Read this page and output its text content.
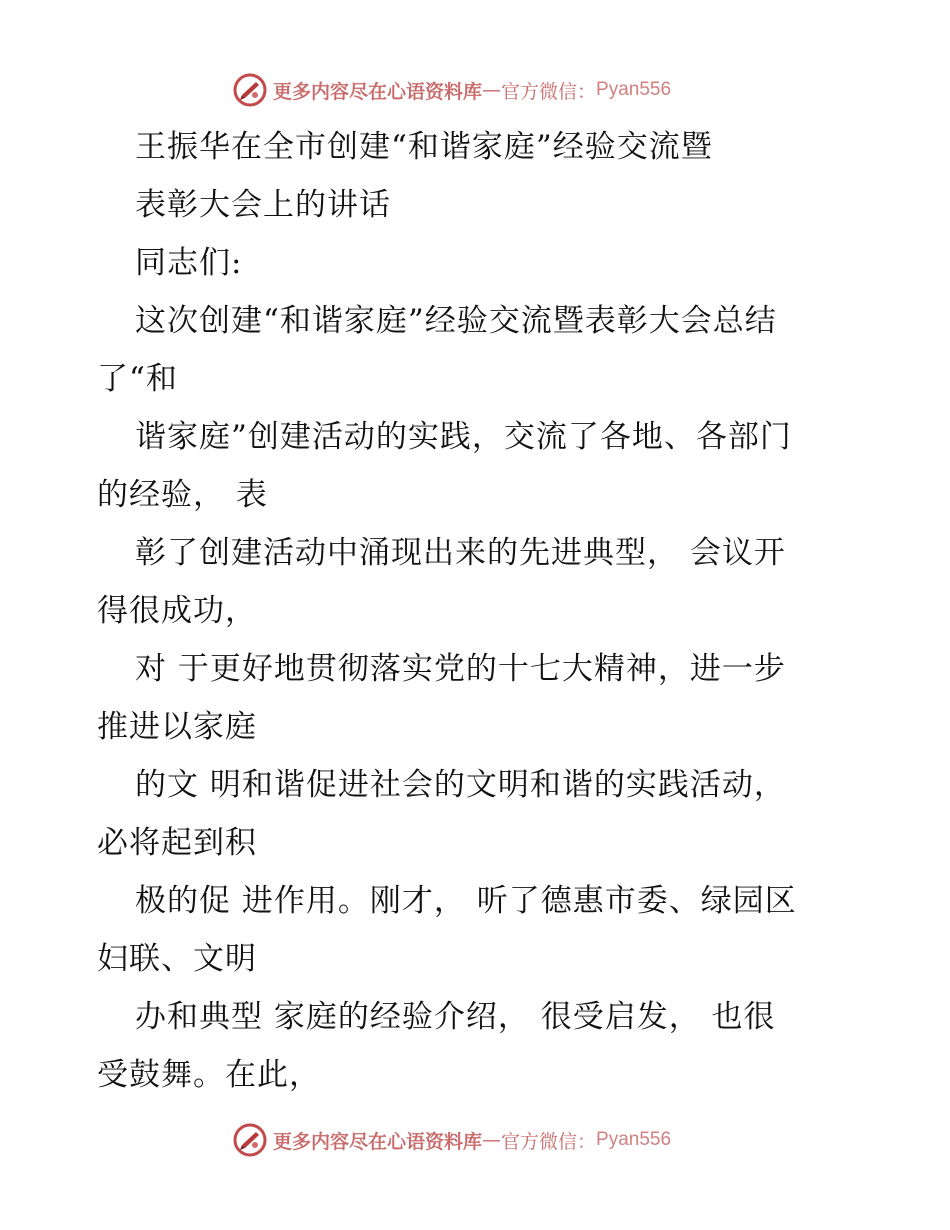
更多内容尽在心语资料库 — 官方微信： Pyan556
王振华在全市创建“和谐家庭”经验交流暨
表彰大会上的讲话
同志们:
这次创建“和谐家庭”经验交流暨表彰大会总结
了“和
谐家庭”创建活动的实践，交流了各地、各部门
的经验， 表
彰了创建活动中涌现出来的先进典型， 会议开
得很成功，
对 于更好地贯彻落实党的十七大精神，进一步
推进以家庭
的文 明和谐促进社会的文明和谐的实践活动，
必将起到积
极的促 进作用。刚才， 听了德惠市委、绿园区
妇联、文明
办和典型 家庭的经验介绍， 很受启发， 也很
受鼓舞。在此，
更多内容尽在心语资料库 — 官方微信： Pyan556
